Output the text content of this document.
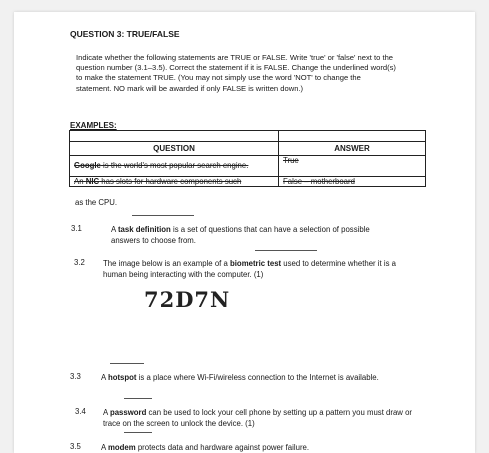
QUESTION 3: TRUE/FALSE
Indicate whether the following statements are TRUE or FALSE. Write 'true' or 'false' next to the question number (3.1–3.5). Correct the statement if it is FALSE. Change the underlined word(s) to make the statement TRUE. (You may not simply use the word 'NOT' to change the statement. NO mark will be awarded if only FALSE is written down.)
EXAMPLES:

QUESTION	ANSWER
Google is the world's most popular search engine.	True
An NIC has slots for hardware components such	False – motherboard
as the CPU.
3.1	A task definition is a set of questions that can have a selection of possible answers to choose from.
3.2 The image below is an example of a biometric test used to determine whether it is a human being interacting with the computer. (1)
72D7N
3.3	A hotspot is a place where Wi-Fi/wireless connection to the Internet is available.
3.4 A password can be used to lock your cell phone by setting up a pattern you must draw or trace on the screen to unlock the device. (1)
3.5	A modem protects data and hardware against power failure.
